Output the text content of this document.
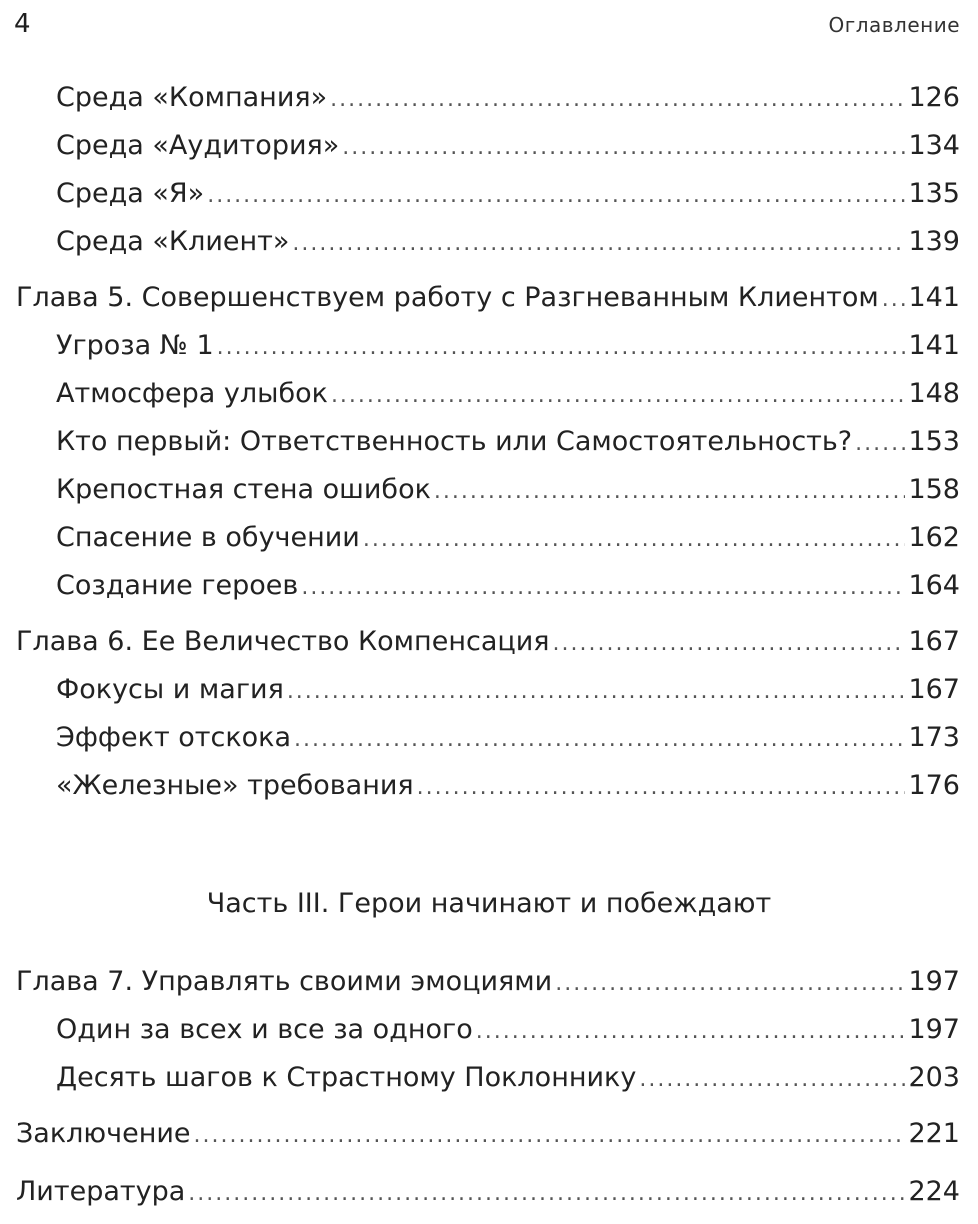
4	Оглавление
Среда «Компания» .....	126
Среда «Аудитория» .....	134
Среда «Я» .....	135
Среда «Клиент» .....	139
Глава 5. Совершенствуем работу с Разгневанным Клиентом ..... 141
Угроза № 1 .....	141
Атмосфера улыбок .....	148
Кто первый: Ответственность или Самостоятельность? ..... 153
Крепостная стена ошибок .....	158
Спасение в обучении .....	162
Создание героев .....	164
Глава 6. Ее Величество Компенсация .....	167
Фокусы и магия .....	167
Эффект отскока .....	173
«Железные» требования .....	176
Часть III. Герои начинают и побеждают
Глава 7. Управлять своими эмоциями .....	197
Один за всех и все за одного .....	197
Десять шагов к Страстному Поклоннику .....	203
Заключение .....	221
Литература .....	224
